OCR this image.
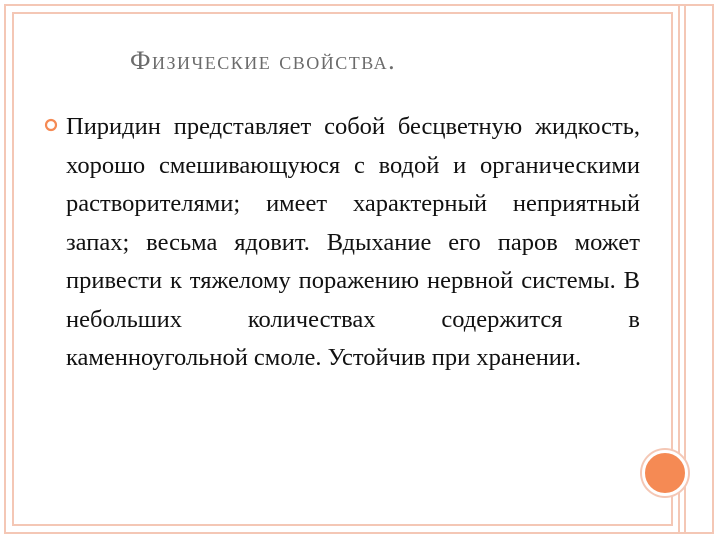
Физические свойства.

Пиридин представляет собой бесцветную жидкость, хорошо смешивающуюся с водой и органическими растворителями; имеет характерный неприятный запах; весьма ядовит. Вдыхание его паров может привести к тяжелому поражению нервной системы. В небольших количествах содержится в каменноугольной смоле. Устойчив при хранении.
